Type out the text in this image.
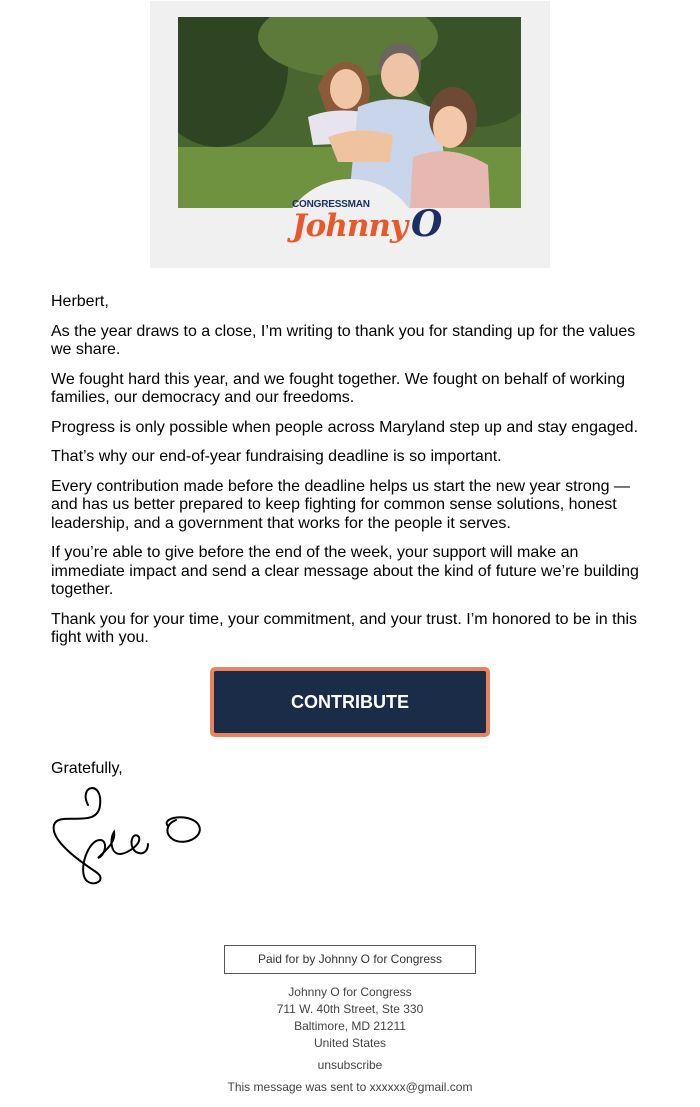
CONGRESSMAN
Johnny O

Herbert,

As the year draws to a close, I’m writing to thank you for standing up for the values we share.

We fought hard this year, and we fought together. We fought on behalf of working families, our democracy and our freedoms.

Progress is only possible when people across Maryland step up and stay engaged.

That’s why our end-of-year fundraising deadline is so important.

Every contribution made before the deadline helps us start the new year strong — and has us better prepared to keep fighting for common sense solutions, honest leadership, and a government that works for the people it serves.

If you’re able to give before the end of the week, your support will make an immediate impact and send a clear message about the kind of future we’re building together.

Thank you for your time, your commitment, and your trust. I’m honored to be in this fight with you.

CONTRIBUTE
Gratefully,
Paid for by Johnny O for Congress
Johnny O for Congress
711 W. 40th Street, Ste 330
Baltimore, MD 21211
United States
unsubscribe
This message was sent to xxxxxx@gmail.com
